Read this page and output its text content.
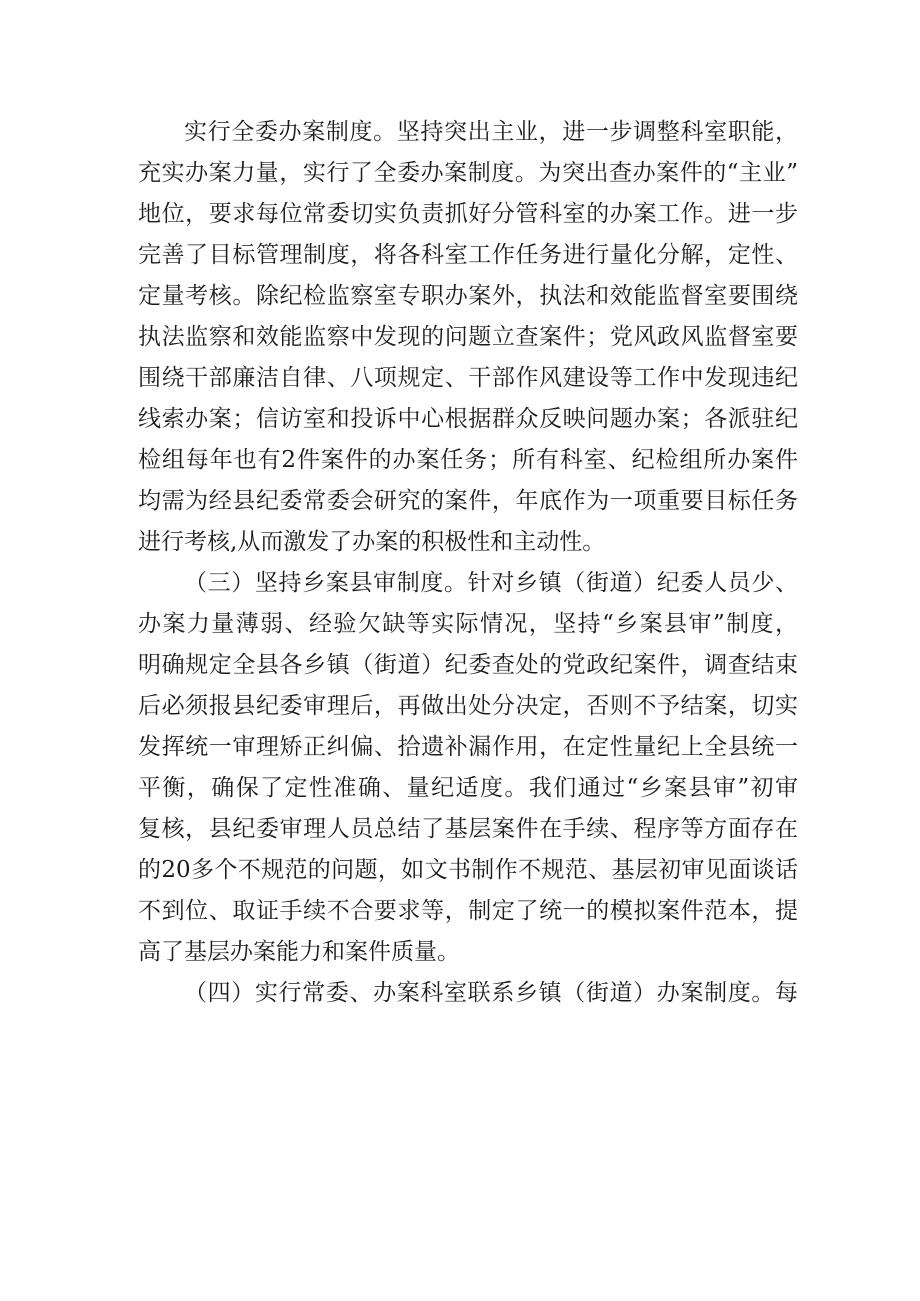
实行全委办案制度。坚持突出主业，进一步调整科室职能，
充实办案力量，实行了全委办案制度。为突出查办案件的“主业”
地位，要求每位常委切实负责抓好分管科室的办案工作。进一步
完善了目标管理制度，将各科室工作任务进行量化分解，定性、
定量考核。除纪检监察室专职办案外，执法和效能监督室要围绕
执法监察和效能监察中发现的问题立查案件；党风政风监督室要
围绕干部廉洁自律、八项规定、干部作风建设等工作中发现违纪
线索办案；信访室和投诉中心根据群众反映问题办案；各派驻纪
检组每年也有2件案件的办案任务；所有科室、纪检组所办案件
均需为经县纪委常委会研究的案件，年底作为一项重要目标任务
进行考核,从而激发了办案的积极性和主动性。
（三）坚持乡案县审制度。针对乡镇（街道）纪委人员少、
办案力量薄弱、经验欠缺等实际情况，坚持“乡案县审”制度，
明确规定全县各乡镇（街道）纪委查处的党政纪案件，调查结束
后必须报县纪委审理后，再做出处分决定，否则不予结案，切实
发挥统一审理矫正纠偏、拾遗补漏作用，在定性量纪上全县统一
平衡，确保了定性准确、量纪适度。我们通过“乡案县审”初审
复核，县纪委审理人员总结了基层案件在手续、程序等方面存在
的20多个不规范的问题，如文书制作不规范、基层初审见面谈话
不到位、取证手续不合要求等，制定了统一的模拟案件范本，提
高了基层办案能力和案件质量。
（四）实行常委、办案科室联系乡镇（街道）办案制度。每
